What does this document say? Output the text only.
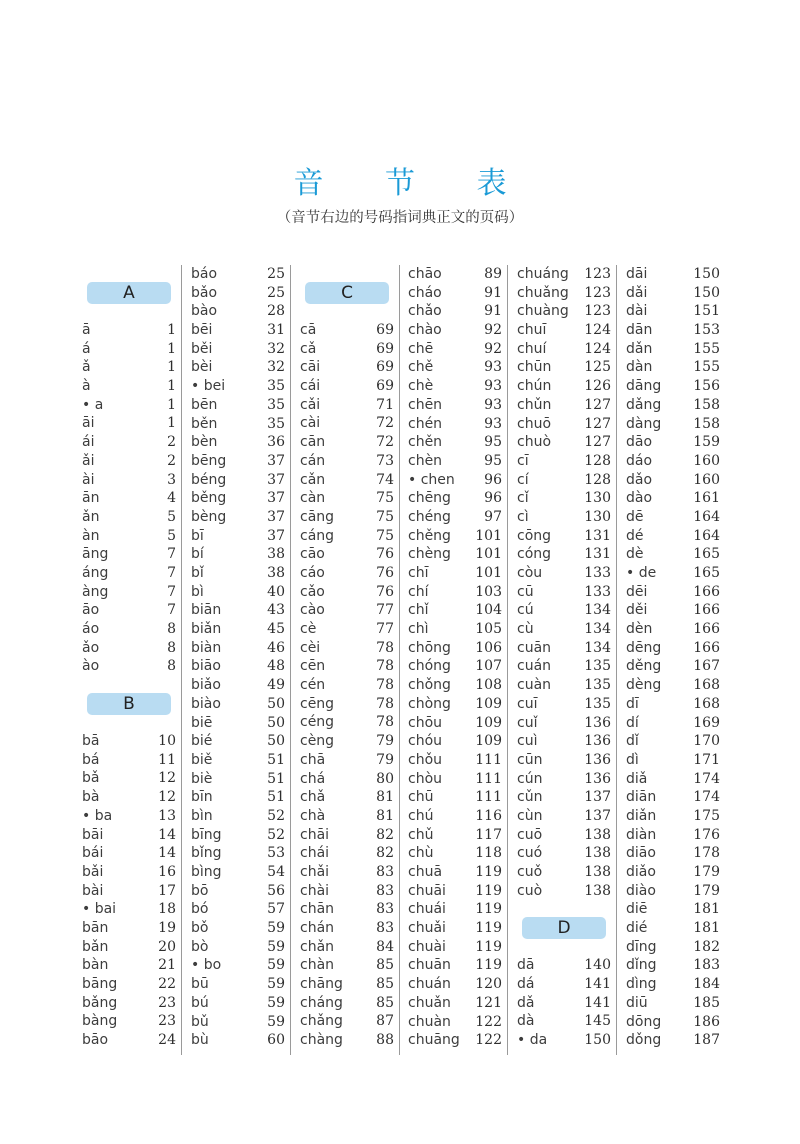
音 节 表
（音节右边的号码指词典正文的页码）
A
ā	1
á	1
ǎ	1
à	1
• a	1
āi	1
ái	2
ǎi	2
ài	3
ān	4
ǎn	5
àn	5
āng	7
áng	7
àng	7
āo	7
áo	8
ǎo	8
ào	8
B
bā	10
bá	11
bǎ	12
bà	12
• ba	13
bāi	14
bái	14
bǎi	16
bài	17
• bai	18
bān	19
bǎn	20
bàn	21
bāng	22
bǎng	23
bàng	23
bāo	24
báo	25
bǎo	25
bào	28
bēi	31
běi	32
bèi	32
• bei	35
bēn	35
běn	35
bèn	36
bēng	37
béng	37
běng	37
bèng	37
bī	37
bí	38
bǐ	38
bì	40
biān	43
biǎn	45
biàn	46
biāo	48
biǎo	49
biào	50
biē	50
bié	50
biě	51
biè	51
bīn	51
bìn	52
bīng	52
bǐng	53
bìng	54
bō	56
bó	57
bǒ	59
bò	59
• bo	59
bū	59
bú	59
bǔ	59
bù	60
C
cā	69
cǎ	69
cāi	69
cái	69
cǎi	71
cài	72
cān	72
cán	73
cǎn	74
càn	75
cāng	75
cáng	75
cāo	76
cáo	76
cǎo	76
cào	77
cè	77
cèi	78
cēn	78
cén	78
cēng	78
céng	78
cèng	79
chā	79
chá	80
chǎ	81
chà	81
chāi	82
chái	82
chǎi	83
chài	83
chān	83
chán	83
chǎn	84
chàn	85
chāng 85
cháng 85
chǎng 87
chàng 88
chāo	89
cháo	91
chǎo	91
chào	92
chē	92
chě	93
chè	93
chēn	93
chén	93
chěn	95
chèn	95
• chen 96
chēng 96
chéng 97
chěng 101
chèng 101
chī	101
chí	103
chǐ	104
chì	105
chōng 106
chóng 107
chǒng 108
chòng 109
chōu 109
chóu 109
chǒu 111
chòu 111
chū	111
chú	116
chǔ	117
chù	118
chuā 119
chuāi 119
chuái 119
chuǎi 119
chuài 119
chuān 119
chuán 120
chuǎn 121
chuàn 122
chuāng 122
chuáng 123
chuǎng 123
chuàng 123
chuī	124
chuí	124
chūn 125
chún 126
chǔn 127
chuō 127
chuò 127
cī	128
cí	128
cǐ	130
cì	130
cōng 131
cóng 131
còu	133
cū	133
cú	134
cù	134
cuān 134
cuán 135
cuàn 135
cuī	135
cuǐ	136
cuì	136
cūn	136
cún	136
cǔn	137
cùn	137
cuō	138
cuó	138
cuǒ	138
cuò	138
D
dā	140
dá	141
dǎ	141
dà	145
• da	150
dāi	150
dǎi	150
dài	151
dān	153
dǎn	155
dàn	155
dāng 156
dǎng 158
dàng 158
dāo	159
dáo	160
dǎo	160
dào	161
dē	164
dé	164
dè	165
• de	165
dēi	166
děi	166
dèn	166
dēng 166
děng 167
dèng 168
dī	168
dí	169
dǐ	170
dì	171
diǎ	174
diān	174
diǎn	175
diàn	176
diāo	178
diǎo	179
diào	179
diē	181
dié	181
dīng	182
dǐng	183
dìng	184
diū	185
dōng 186
dǒng 187
